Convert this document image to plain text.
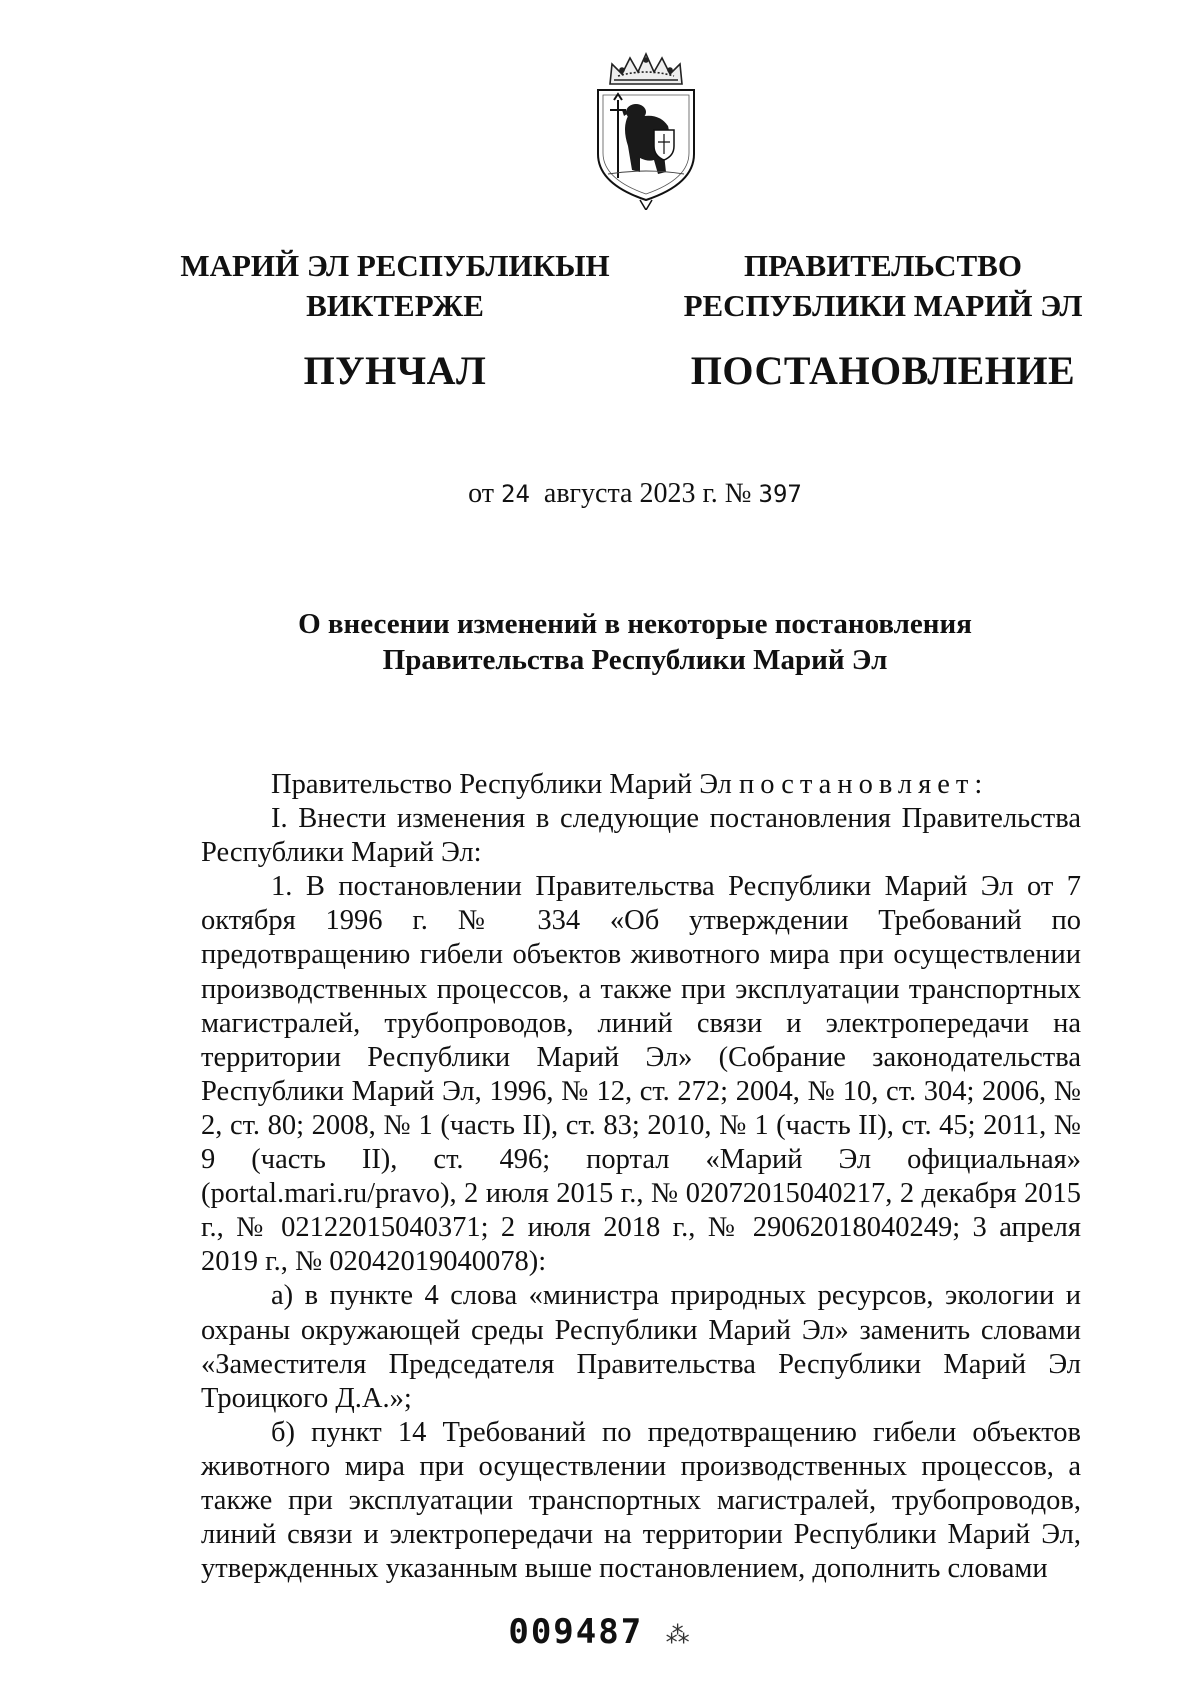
МАРИЙ ЭЛ РЕСПУБЛИКЫН
ВИКТЕРЖЕ
ПУНЧАЛ
ПРАВИТЕЛЬСТВО
РЕСПУБЛИКИ МАРИЙ ЭЛ
ПОСТАНОВЛЕНИЕ
от 24 августа 2023 г. № 397
О внесении изменений в некоторые постановления
Правительства Республики Марий Эл

Правительство Республики Марий Эл постановляет:

I. Внести изменения в следующие постановления Правительства Республики Марий Эл:

1. В постановлении Правительства Республики Марий Эл от 7 октября 1996 г. № 334 «Об утверждении Требований по предотвращению гибели объектов животного мира при осуществлении производственных процессов, а также при эксплуатации транспортных магистралей, трубопроводов, линий связи и электропередачи на территории Республики Марий Эл» (Собрание законодательства Республики Марий Эл, 1996, № 12, ст. 272; 2004, № 10, ст. 304; 2006, № 2, ст. 80; 2008, № 1 (часть II), ст. 83; 2010, № 1 (часть II), ст. 45; 2011, № 9 (часть II), ст. 496; портал «Марий Эл официальная» (portal.mari.ru/pravo), 2 июля 2015 г., № 02072015040217, 2 декабря 2015 г., № 02122015040371; 2 июля 2018 г., № 29062018040249; 3 апреля 2019 г., № 02042019040078):

а) в пункте 4 слова «министра природных ресурсов, экологии и охраны окружающей среды Республики Марий Эл» заменить словами «Заместителя Председателя Правительства Республики Марий Эл Троицкого Д.А.»;

б) пункт 14 Требований по предотвращению гибели объектов животного мира при осуществлении производственных процессов, а также при эксплуатации транспортных магистралей, трубопроводов, линий связи и электропередачи на территории Республики Марий Эл, утвержденных указанным выше постановлением, дополнить словами

009487 ⁂
